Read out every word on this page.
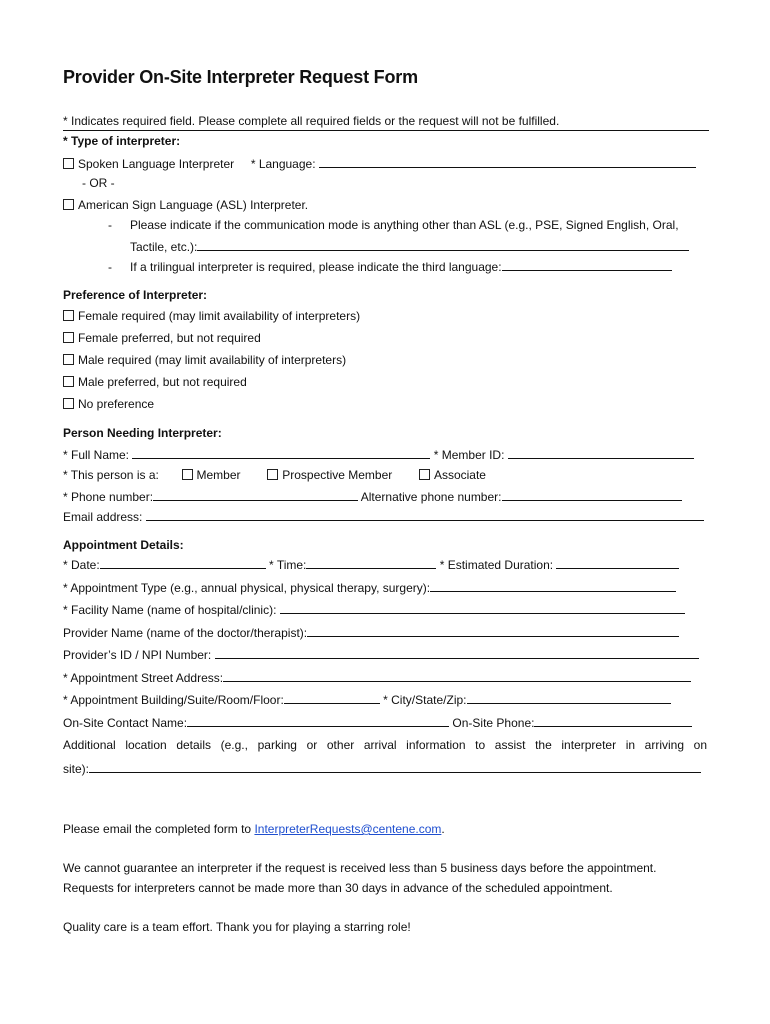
Provider On-Site Interpreter Request Form
* Indicates required field. Please complete all required fields or the request will not be fulfilled.
* Type of interpreter:
Spoken Language Interpreter * Language:
- OR -
American Sign Language (ASL) Interpreter.
- Please indicate if the communication mode is anything other than ASL (e.g., PSE, Signed English, Oral,
Tactile, etc.):
- If a trilingual interpreter is required, please indicate the third language:
Preference of Interpreter:
Female required (may limit availability of interpreters)
Female preferred, but not required
Male required (may limit availability of interpreters)
Male preferred, but not required
No preference
Person Needing Interpreter:
* Full Name:	* Member ID:
* This person is a:	Member	Prospective Member	Associate
* Phone number:	Alternative phone number:
Email address:
Appointment Details:
* Date:	* Time:	* Estimated Duration:
* Appointment Type (e.g., annual physical, physical therapy, surgery):
* Facility Name (name of hospital/clinic):
Provider Name (name of the doctor/therapist):
Provider’s ID / NPI Number:
* Appointment Street Address:
* Appointment Building/Suite/Room/Floor:	* City/State/Zip:
On-Site Contact Name:	On-Site Phone:
Additional location details (e.g., parking or other arrival information to assist the interpreter in arriving on
site):
Please email the completed form to InterpreterRequests@centene.com.
We cannot guarantee an interpreter if the request is received less than 5 business days before the appointment.
Requests for interpreters cannot be made more than 30 days in advance of the scheduled appointment.
Quality care is a team effort. Thank you for playing a starring role!
